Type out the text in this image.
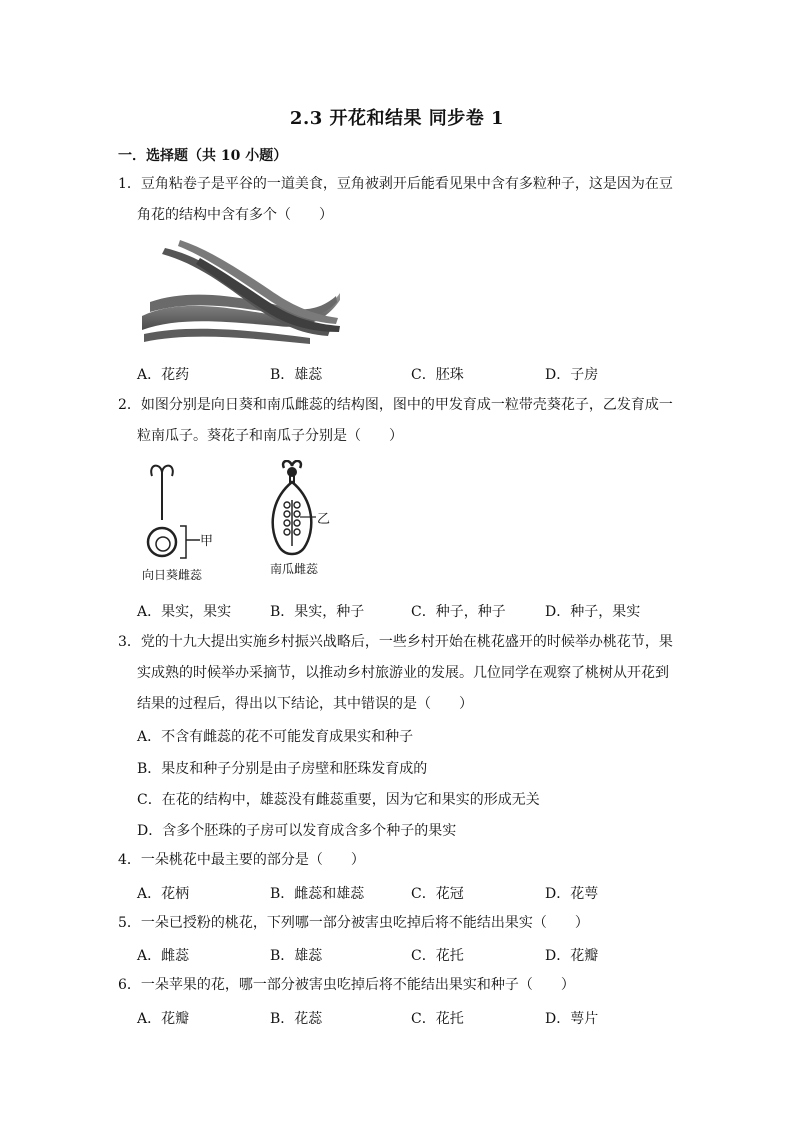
2.3 开花和结果 同步卷 1
一．选择题（共 10 小题）
1．豆角粘卷子是平谷的一道美食，豆角被剥开后能看见果中含有多粒种子，这是因为在豆
角花的结构中含有多个（　　）
A．花药	B．雄蕊	C．胚珠	D．子房
2．如图分别是向日葵和南瓜雌蕊的结构图，图中的甲发育成一粒带壳葵花子，乙发育成一
粒南瓜子。葵花子和南瓜子分别是（　　）
甲
向日葵雌蕊
乙
南瓜雌蕊
A．果实，果实	B．果实，种子	C．种子，种子	D．种子，果实
3．党的十九大提出实施乡村振兴战略后，一些乡村开始在桃花盛开的时候举办桃花节，果
实成熟的时候举办采摘节，以推动乡村旅游业的发展。几位同学在观察了桃树从开花到
结果的过程后，得出以下结论，其中错误的是（　　）
A．不含有雌蕊的花不可能发育成果实和种子
B．果皮和种子分别是由子房壁和胚珠发育成的
C．在花的结构中，雄蕊没有雌蕊重要，因为它和果实的形成无关
D．含多个胚珠的子房可以发育成含多个种子的果实
4．一朵桃花中最主要的部分是（　　）
A．花柄	B．雌蕊和雄蕊	C．花冠	D．花萼
5．一朵已授粉的桃花，下列哪一部分被害虫吃掉后将不能结出果实（　　）
A．雌蕊	B．雄蕊	C．花托	D．花瓣
6．一朵苹果的花，哪一部分被害虫吃掉后将不能结出果实和种子（　　）
A．花瓣	B．花蕊	C．花托	D．萼片
